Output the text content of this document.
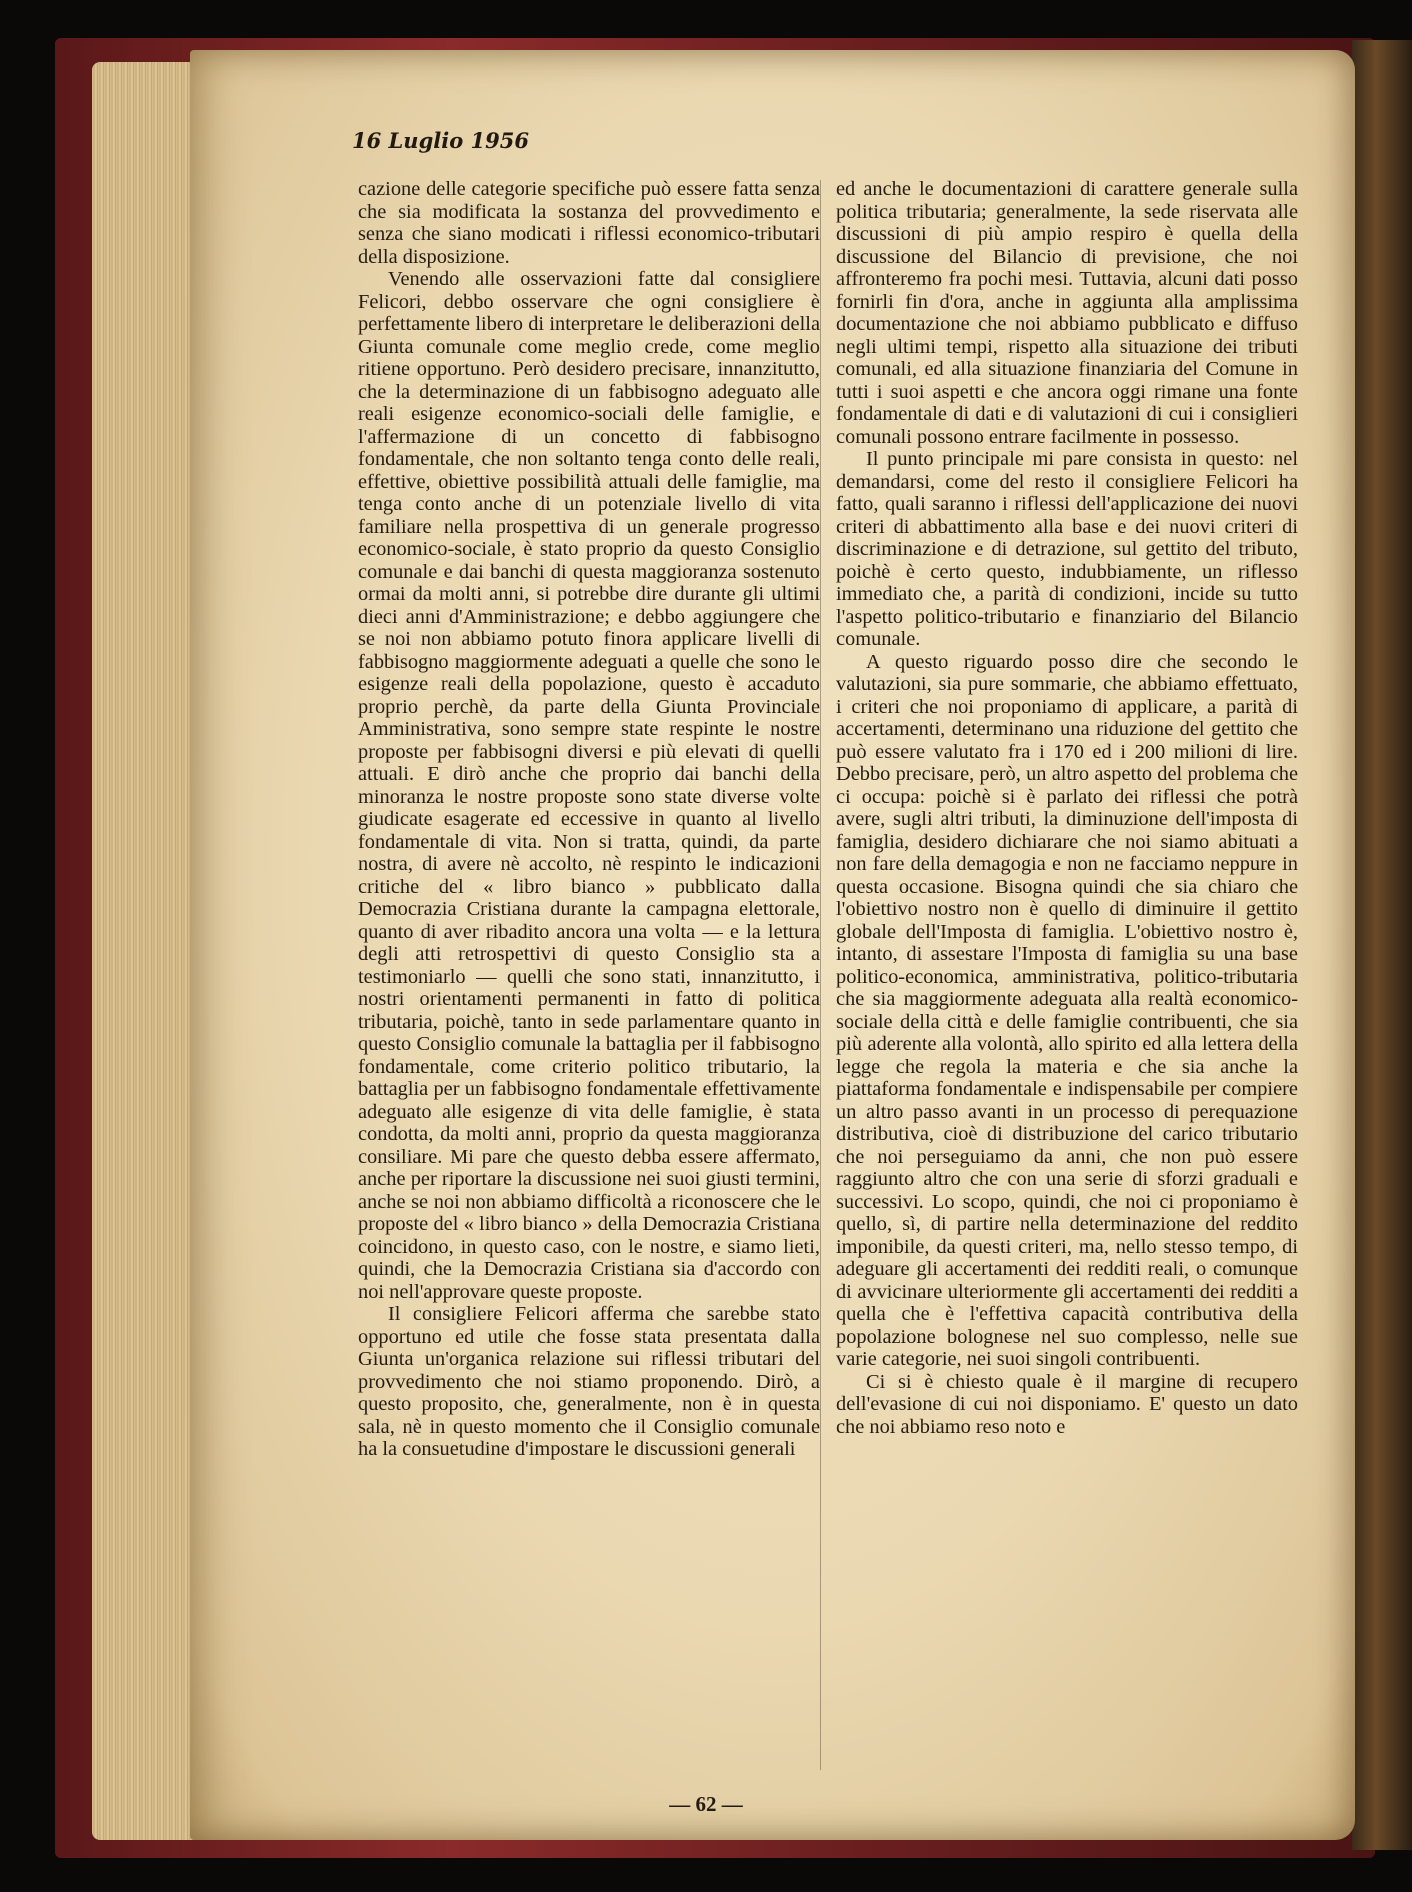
16 Luglio 1956

cazione delle categorie specifiche può essere fatta senza che sia modificata la sostanza del provvedimento e senza che siano modicati i riflessi economico-tributari della disposizione.

Venendo alle osservazioni fatte dal consigliere Felicori, debbo osservare che ogni consigliere è perfettamente libero di interpretare le deliberazioni della Giunta comunale come meglio crede, come meglio ritiene opportuno. Però desidero precisare, innanzitutto, che la determinazione di un fabbisogno adeguato alle reali esigenze economico-sociali delle famiglie, e l'affermazione di un concetto di fabbisogno fondamentale, che non soltanto tenga conto delle reali, effettive, obiettive possibilità attuali delle famiglie, ma tenga conto anche di un potenziale livello di vita familiare nella prospettiva di un generale progresso economico-sociale, è stato proprio da questo Consiglio comunale e dai banchi di questa maggioranza sostenuto ormai da molti anni, si potrebbe dire durante gli ultimi dieci anni d'Amministrazione; e debbo aggiungere che se noi non abbiamo potuto finora applicare livelli di fabbisogno maggiormente adeguati a quelle che sono le esigenze reali della popolazione, questo è accaduto proprio perchè, da parte della Giunta Provinciale Amministrativa, sono sempre state respinte le nostre proposte per fabbisogni diversi e più elevati di quelli attuali. E dirò anche che proprio dai banchi della minoranza le nostre proposte sono state diverse volte giudicate esagerate ed eccessive in quanto al livello fondamentale di vita. Non si tratta, quindi, da parte nostra, di avere nè accolto, nè respinto le indicazioni critiche del « libro bianco » pubblicato dalla Democrazia Cristiana durante la campagna elettorale, quanto di aver ribadito ancora una volta — e la lettura degli atti retrospettivi di questo Consiglio sta a testimoniarlo — quelli che sono stati, innanzitutto, i nostri orientamenti permanenti in fatto di politica tributaria, poichè, tanto in sede parlamentare quanto in questo Consiglio comunale la battaglia per il fabbisogno fondamentale, come criterio politico tributario, la battaglia per un fabbisogno fondamentale effettivamente adeguato alle esigenze di vita delle famiglie, è stata condotta, da molti anni, proprio da questa maggioranza consiliare. Mi pare che questo debba essere affermato, anche per riportare la discussione nei suoi giusti termini, anche se noi non abbiamo difficoltà a riconoscere che le proposte del « libro bianco » della Democrazia Cristiana coincidono, in questo caso, con le nostre, e siamo lieti, quindi, che la Democrazia Cristiana sia d'accordo con noi nell'approvare queste proposte.

Il consigliere Felicori afferma che sarebbe stato opportuno ed utile che fosse stata presentata dalla Giunta un'organica relazione sui riflessi tributari del provvedimento che noi stiamo proponendo. Dirò, a questo proposito, che, generalmente, non è in questa sala, nè in questo momento che il Consiglio comunale ha la consuetudine d'impostare le discussioni generali

ed anche le documentazioni di carattere generale sulla politica tributaria; generalmente, la sede riservata alle discussioni di più ampio respiro è quella della discussione del Bilancio di previsione, che noi affronteremo fra pochi mesi. Tuttavia, alcuni dati posso fornirli fin d'ora, anche in aggiunta alla amplissima documentazione che noi abbiamo pubblicato e diffuso negli ultimi tempi, rispetto alla situazione dei tributi comunali, ed alla situazione finanziaria del Comune in tutti i suoi aspetti e che ancora oggi rimane una fonte fondamentale di dati e di valutazioni di cui i consiglieri comunali possono entrare facilmente in possesso.

Il punto principale mi pare consista in questo: nel demandarsi, come del resto il consigliere Felicori ha fatto, quali saranno i riflessi dell'applicazione dei nuovi criteri di abbattimento alla base e dei nuovi criteri di discriminazione e di detrazione, sul gettito del tributo, poichè è certo questo, indubbiamente, un riflesso immediato che, a parità di condizioni, incide su tutto l'aspetto politico-tributario e finanziario del Bilancio comunale.

A questo riguardo posso dire che secondo le valutazioni, sia pure sommarie, che abbiamo effettuato, i criteri che noi proponiamo di applicare, a parità di accertamenti, determinano una riduzione del gettito che può essere valutato fra i 170 ed i 200 milioni di lire. Debbo precisare, però, un altro aspetto del problema che ci occupa: poichè si è parlato dei riflessi che potrà avere, sugli altri tributi, la diminuzione dell'imposta di famiglia, desidero dichiarare che noi siamo abituati a non fare della demagogia e non ne facciamo neppure in questa occasione. Bisogna quindi che sia chiaro che l'obiettivo nostro non è quello di diminuire il gettito globale dell'Imposta di famiglia. L'obiettivo nostro è, intanto, di assestare l'Imposta di famiglia su una base politico-economica, amministrativa, politico-tributaria che sia maggiormente adeguata alla realtà economico-sociale della città e delle famiglie contribuenti, che sia più aderente alla volontà, allo spirito ed alla lettera della legge che regola la materia e che sia anche la piattaforma fondamentale e indispensabile per compiere un altro passo avanti in un processo di perequazione distributiva, cioè di distribuzione del carico tributario che noi perseguiamo da anni, che non può essere raggiunto altro che con una serie di sforzi graduali e successivi. Lo scopo, quindi, che noi ci proponiamo è quello, sì, di partire nella determinazione del reddito imponibile, da questi criteri, ma, nello stesso tempo, di adeguare gli accertamenti dei redditi reali, o comunque di avvicinare ulteriormente gli accertamenti dei redditi a quella che è l'effettiva capacità contributiva della popolazione bolognese nel suo complesso, nelle sue varie categorie, nei suoi singoli contribuenti.

Ci si è chiesto quale è il margine di recupero dell'evasione di cui noi disponiamo. E' questo un dato che noi abbiamo reso noto e

— 62 —
